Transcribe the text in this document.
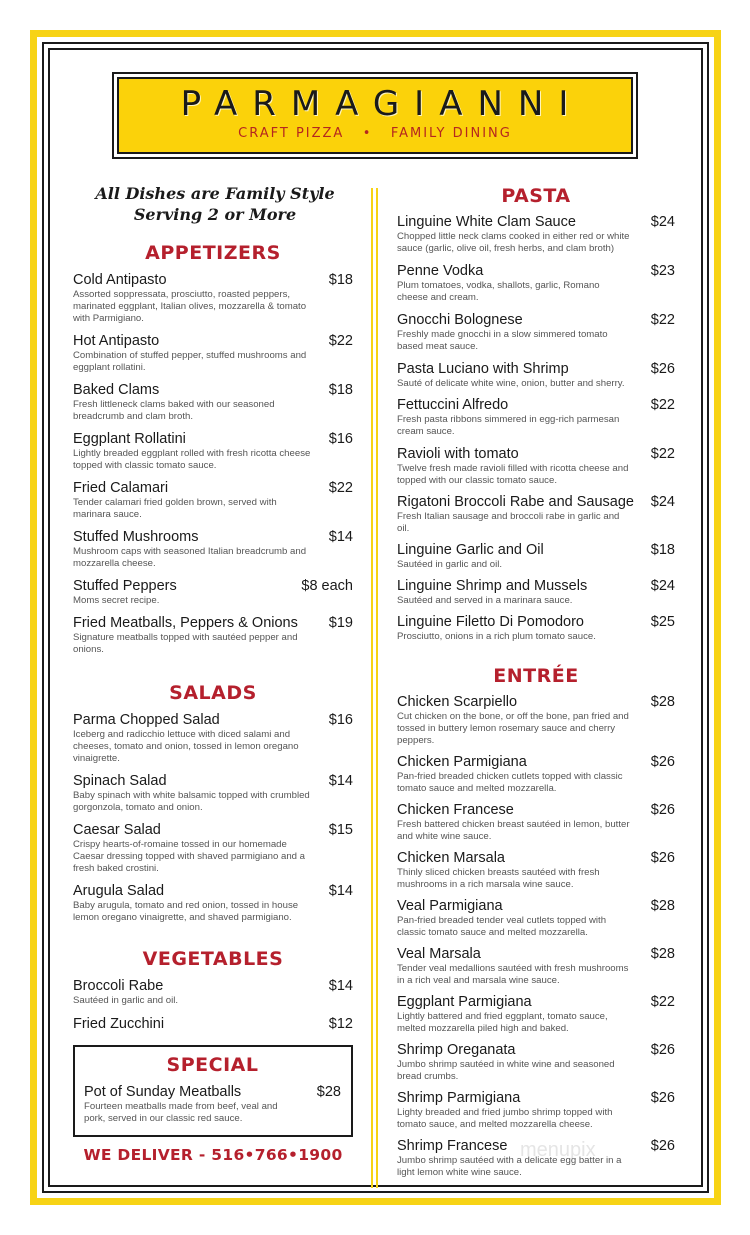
PARMAGIANNI
CRAFT PIZZA • FAMILY DINING
All Dishes are Family Style
Serving 2 or More
APPETIZERS
Cold Antipasto	$18
Assorted soppressata, prosciutto, roasted peppers, marinated eggplant, Italian olives, mozzarella & tomato with Parmigiano.
Hot Antipasto	$22
Combination of stuffed pepper, stuffed mushrooms and eggplant rollatini.
Baked Clams	$18
Fresh littleneck clams baked with our seasoned breadcrumb and clam broth.
Eggplant Rollatini	$16
Lightly breaded eggplant rolled with fresh ricotta cheese topped with classic tomato sauce.
Fried Calamari	$22
Tender calamari fried golden brown, served with marinara sauce.
Stuffed Mushrooms	$14
Mushroom caps with seasoned Italian breadcrumb and mozzarella cheese.
Stuffed Peppers	$8 each
Moms secret recipe.
Fried Meatballs, Peppers & Onions $19
Signature meatballs topped with sautéed pepper and onions.
SALADS
Parma Chopped Salad	$16
Iceberg and radicchio lettuce with diced salami and cheeses, tomato and onion, tossed in lemon oregano vinaigrette.
Spinach Salad	$14
Baby spinach with white balsamic topped with crumbled gorgonzola, tomato and onion.
Caesar Salad	$15
Crispy hearts-of-romaine tossed in our homemade Caesar dressing topped with shaved parmigiano and a fresh baked crostini.
Arugula Salad	$14
Baby arugula, tomato and red onion, tossed in house lemon oregano vinaigrette, and shaved parmigiano.
VEGETABLES
Broccoli Rabe	$14
Sautéed in garlic and oil.
Fried Zucchini	$12
SPECIAL
Pot of Sunday Meatballs	$28
Fourteen meatballs made from beef, veal and pork, served in our classic red sauce.
WE DELIVER - 516•766•1900
PASTA
Linguine White Clam Sauce	$24
Chopped little neck clams cooked in either red or white sauce (garlic, olive oil, fresh herbs, and clam broth)
Penne Vodka	$23
Plum tomatoes, vodka, shallots, garlic, Romano cheese and cream.
Gnocchi Bolognese	$22
Freshly made gnocchi in a slow simmered tomato based meat sauce.
Pasta Luciano with Shrimp	$26
Sauté of delicate white wine, onion, butter and sherry.
Fettuccini Alfredo	$22
Fresh pasta ribbons simmered in egg-rich parmesan cream sauce.
Ravioli with tomato	$22
Twelve fresh made ravioli filled with ricotta cheese and topped with our classic tomato sauce.
Rigatoni Broccoli Rabe and Sausage $24
Fresh Italian sausage and broccoli rabe in garlic and oil.
Linguine Garlic and Oil	$18
Sautéed in garlic and oil.
Linguine Shrimp and Mussels	$24
Sautéed and served in a marinara sauce.
Linguine Filetto Di Pomodoro	$25
Prosciutto, onions in a rich plum tomato sauce.
ENTRÉE
Chicken Scarpiello	$28
Cut chicken on the bone, or off the bone, pan fried and tossed in buttery lemon rosemary sauce and cherry peppers.
Chicken Parmigiana	$26
Pan-fried breaded chicken cutlets topped with classic tomato sauce and melted mozzarella.
Chicken Francese	$26
Fresh battered chicken breast sautéed in lemon, butter and white wine sauce.
Chicken Marsala	$26
Thinly sliced chicken breasts sautéed with fresh mushrooms in a rich marsala wine sauce.
Veal Parmigiana	$28
Pan-fried breaded tender veal cutlets topped with classic tomato sauce and melted mozzarella.
Veal Marsala	$28
Tender veal medallions sautéed with fresh mushrooms in a rich veal and marsala wine sauce.
Eggplant Parmigiana	$22
Lightly battered and fried eggplant, tomato sauce, melted mozzarella piled high and baked.
Shrimp Oreganata	$26
Jumbo shrimp sautéed in white wine and seasoned bread crumbs.
Shrimp Parmigiana	$26
Lighty breaded and fried jumbo shrimp topped with tomato sauce, and melted mozzarella cheese.
Shrimp Francese	$26
Jumbo shrimp sautéed with a delicate egg batter in a light lemon white wine sauce.
menupix
